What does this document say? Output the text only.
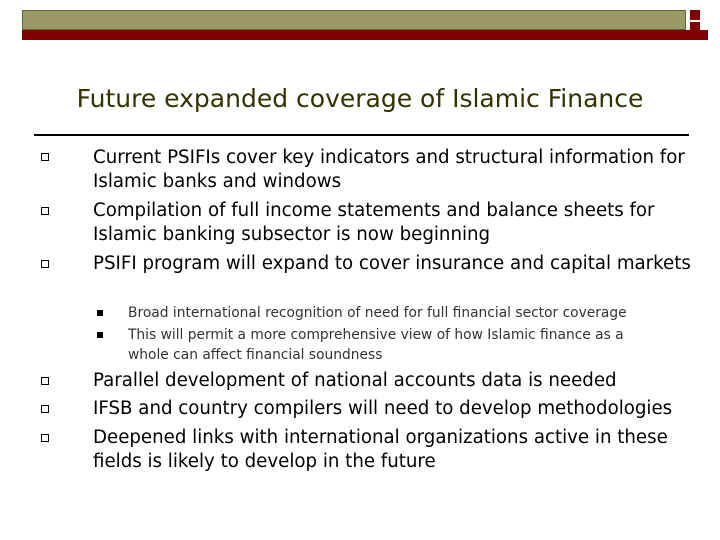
Future expanded coverage of Islamic Finance
Current PSIFIs cover key indicators and structural information for Islamic banks and windows
Compilation of full income statements and balance sheets for Islamic banking subsector is now beginning
PSIFI program will expand to cover insurance and capital markets
Broad international recognition of need for full financial sector coverage
This will permit a more comprehensive view of how Islamic finance as a whole can affect financial soundness
Parallel development of national accounts data is needed
IFSB and country compilers will need to develop methodologies
Deepened links with international organizations active in these fields is likely to develop in the future
